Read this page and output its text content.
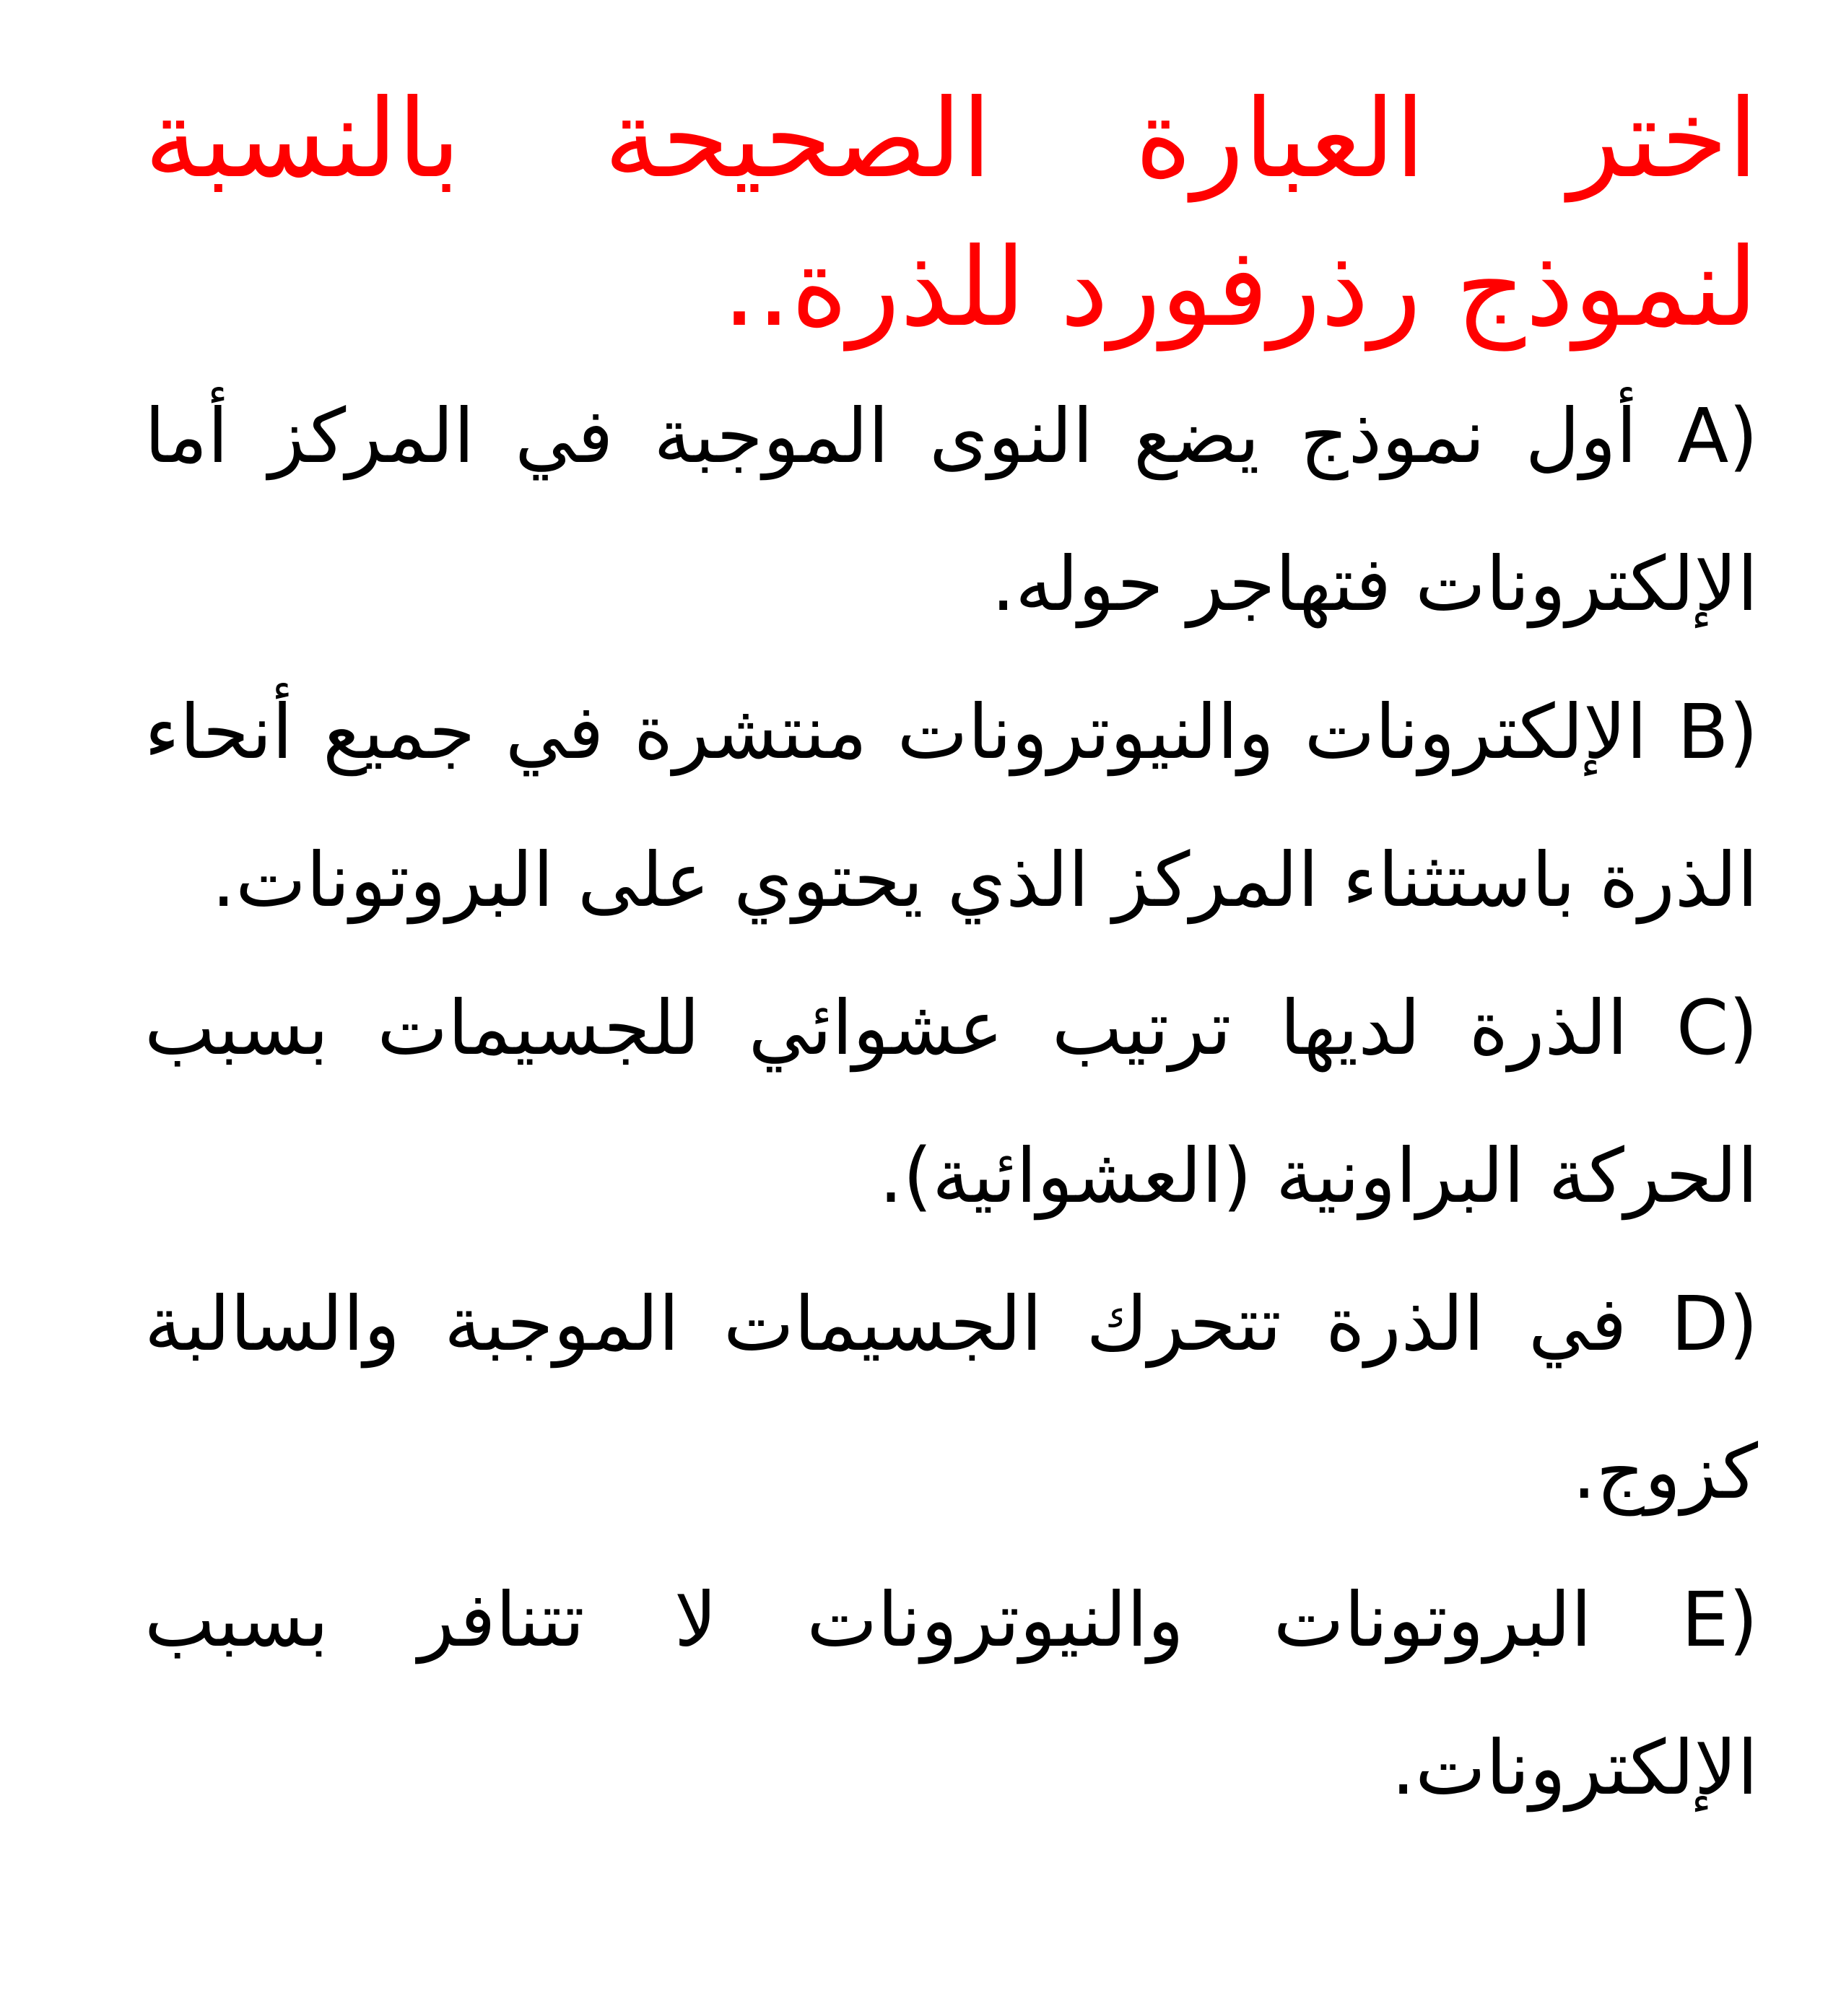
اختر العبارة الصحيحة بالنسبة لنموذج رذرفورد للذرة..
A) أول نموذج يضع النوى الموجبة في المركز أما الإلكترونات فتهاجر حوله.
B) الإلكترونات والنيوترونات منتشرة في جميع أنحاء الذرة باستثناء المركز الذي يحتوي على البروتونات.
C) الذرة لديها ترتيب عشوائي للجسيمات بسبب الحركة البراونية (العشوائية).
D) في الذرة تتحرك الجسيمات الموجبة والسالبة كزوج.
E) البروتونات والنيوترونات لا تتنافر بسبب الإلكترونات.
